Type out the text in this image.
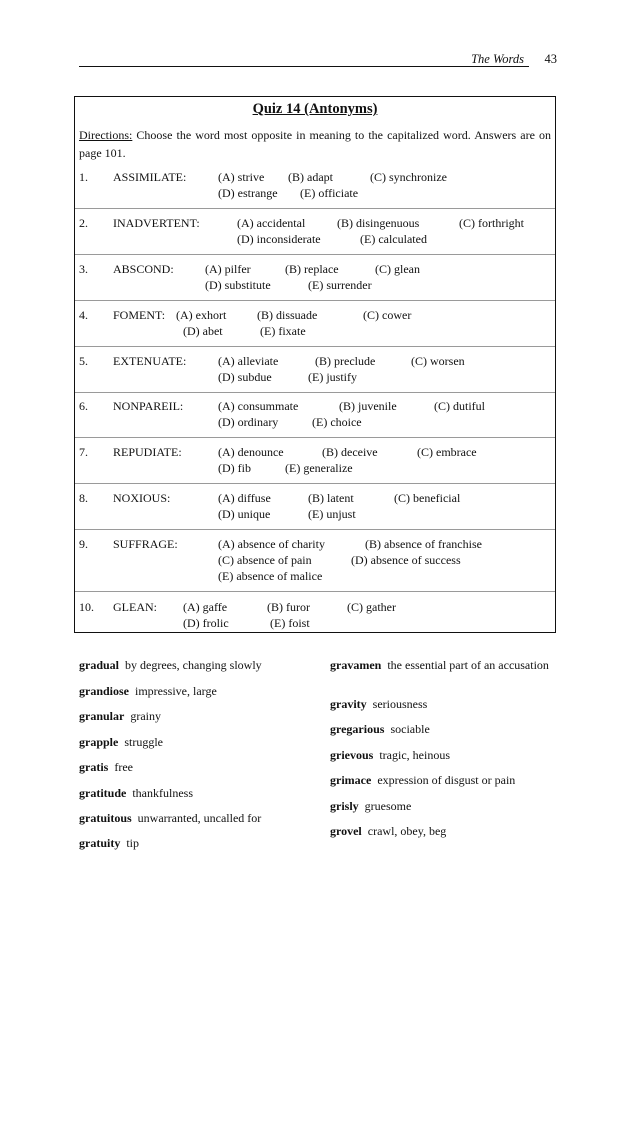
The Words 43
Quiz 14 (Antonyms)
Directions: Choose the word most opposite in meaning to the capitalized word. Answers are on page 101.
1. ASSIMILATE:	(A) strive (B) adapt	(C) synchronize
(D) estrange (E) officiate
2. INADVERTENT:	(A) accidental	(B) disingenuous	(C) forthright
(D) inconsiderate	(E) calculated
3. ABSCOND:	(A) pilfer	(B) replace	(C) glean
(D) substitute	(E) surrender
4. FOMENT: (A) exhort	(B) dissuade	(C) cower
(D) abet	(E) fixate
5. EXTENUATE:	(A) alleviate	(B) preclude	(C) worsen
(D) subdue	(E) justify
6. NONPAREIL:	(A) consummate	(B) juvenile	(C) dutiful
(D) ordinary	(E) choice
7. REPUDIATE:	(A) denounce	(B) deceive	(C) embrace
(D) fib	(E) generalize
8. NOXIOUS:	(A) diffuse	(B) latent	(C) beneficial
(D) unique	(E) unjust
9. SUFFRAGE:	(A) absence of charity	(B) absence of franchise
(C) absence of pain	(D) absence of success
(E) absence of malice
10. GLEAN: (A) gaffe	(B) furor	(C) gather
(D) frolic	(E) foist
gradual  by degrees, changing slowly
grandiose  impressive, large
granular  grainy
grapple  struggle
gratis  free
gratitude  thankfulness
gratuitous  unwarranted, uncalled for
gratuity  tip
gravamen  the essential part of an accusation
gravity  seriousness
gregarious  sociable
grievous  tragic, heinous
grimace  expression of disgust or pain
grisly  gruesome
grovel  crawl, obey, beg
